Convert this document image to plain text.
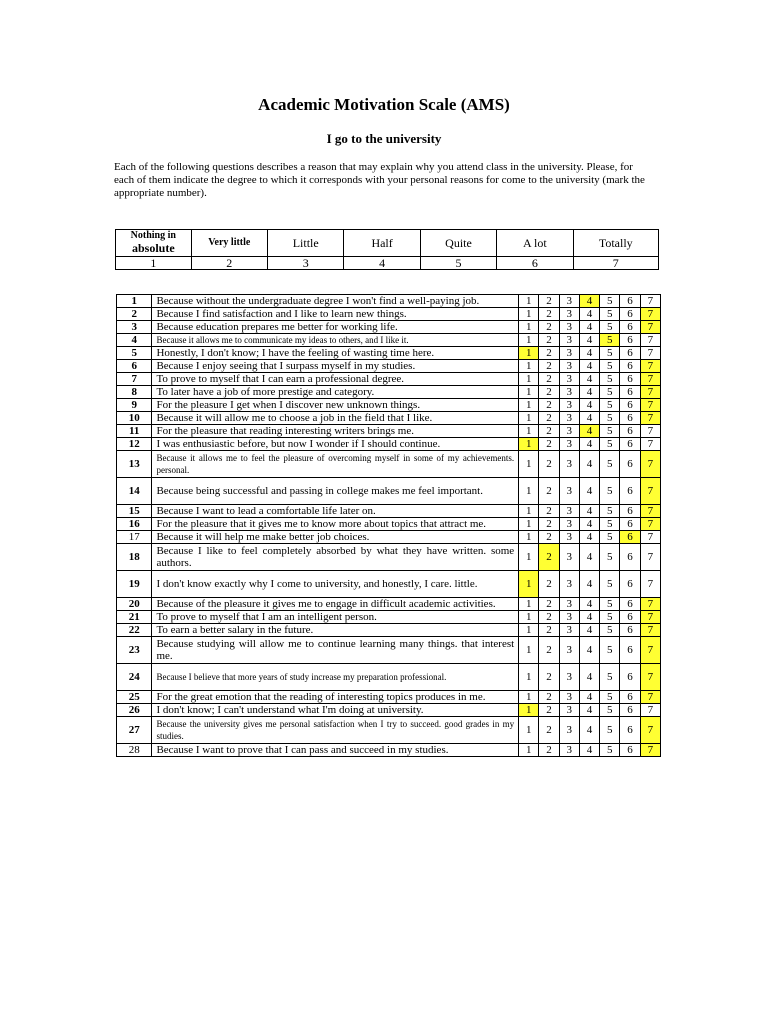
Academic Motivation Scale (AMS)
I go to the university
Each of the following questions describes a reason that may explain why you attend class in the university. Please, for each of them indicate the degree to which it corresponds with your personal reasons for come to the university (mark the appropriate number).
Nothing in
absolute	Very little	Little	Half	Quite	A lot	Totally
1	2	3	4	5	6	7
1	Because without the undergraduate degree I won't find a well-paying job.	1	2	3	4	5	6	7
2	Because I find satisfaction and I like to learn new things.	1	2	3	4	5	6	7
3	Because education prepares me better for working life.	1	2	3	4	5	6	7
4	Because it allows me to communicate my ideas to others, and I like it.	1	2	3	4	5	6	7
5	Honestly, I don't know; I have the feeling of wasting time here.	1	2	3	4	5	6	7
6	Because I enjoy seeing that I surpass myself in my studies.	1	2	3	4	5	6	7
7	To prove to myself that I can earn a professional degree.	1	2	3	4	5	6	7
8	To later have a job of more prestige and category.	1	2	3	4	5	6	7
9	For the pleasure I get when I discover new unknown things.	1	2	3	4	5	6	7
10	Because it will allow me to choose a job in the field that I like.	1	2	3	4	5	6	7
11	For the pleasure that reading interesting writers brings me.	1	2	3	4	5	6	7
12	I was enthusiastic before, but now I wonder if I should continue.	1	2	3	4	5	6	7
13	Because it allows me to feel the pleasure of overcoming myself in some of my achievements. personal.	1	2	3	4	5	6	7
14	Because being successful and passing in college makes me feel important.	1	2	3	4	5	6	7
15	Because I want to lead a comfortable life later on.	1	2	3	4	5	6	7
16	For the pleasure that it gives me to know more about topics that attract me.	1	2	3	4	5	6	7
17	Because it will help me make better job choices.	1	2	3	4	5	6	7
18	Because I like to feel completely absorbed by what they have written. some authors.	1	2	3	4	5	6	7
19	I don't know exactly why I come to university, and honestly, I care. little.	1	2	3	4	5	6	7
20	Because of the pleasure it gives me to engage in difficult academic activities.	1	2	3	4	5	6	7
21	To prove to myself that I am an intelligent person.	1	2	3	4	5	6	7
22	To earn a better salary in the future.	1	2	3	4	5	6	7
23	Because studying will allow me to continue learning many things. that interest me.	1	2	3	4	5	6	7
24	Because I believe that more years of study increase my preparation professional.	1	2	3	4	5	6	7
25	For the great emotion that the reading of interesting topics produces in me.	1	2	3	4	5	6	7
26	I don't know; I can't understand what I'm doing at university.	1	2	3	4	5	6	7
27	Because the university gives me personal satisfaction when I try to succeed. good grades in my studies.	1	2	3	4	5	6	7
28	Because I want to prove that I can pass and succeed in my studies.	1	2	3	4	5	6	7
